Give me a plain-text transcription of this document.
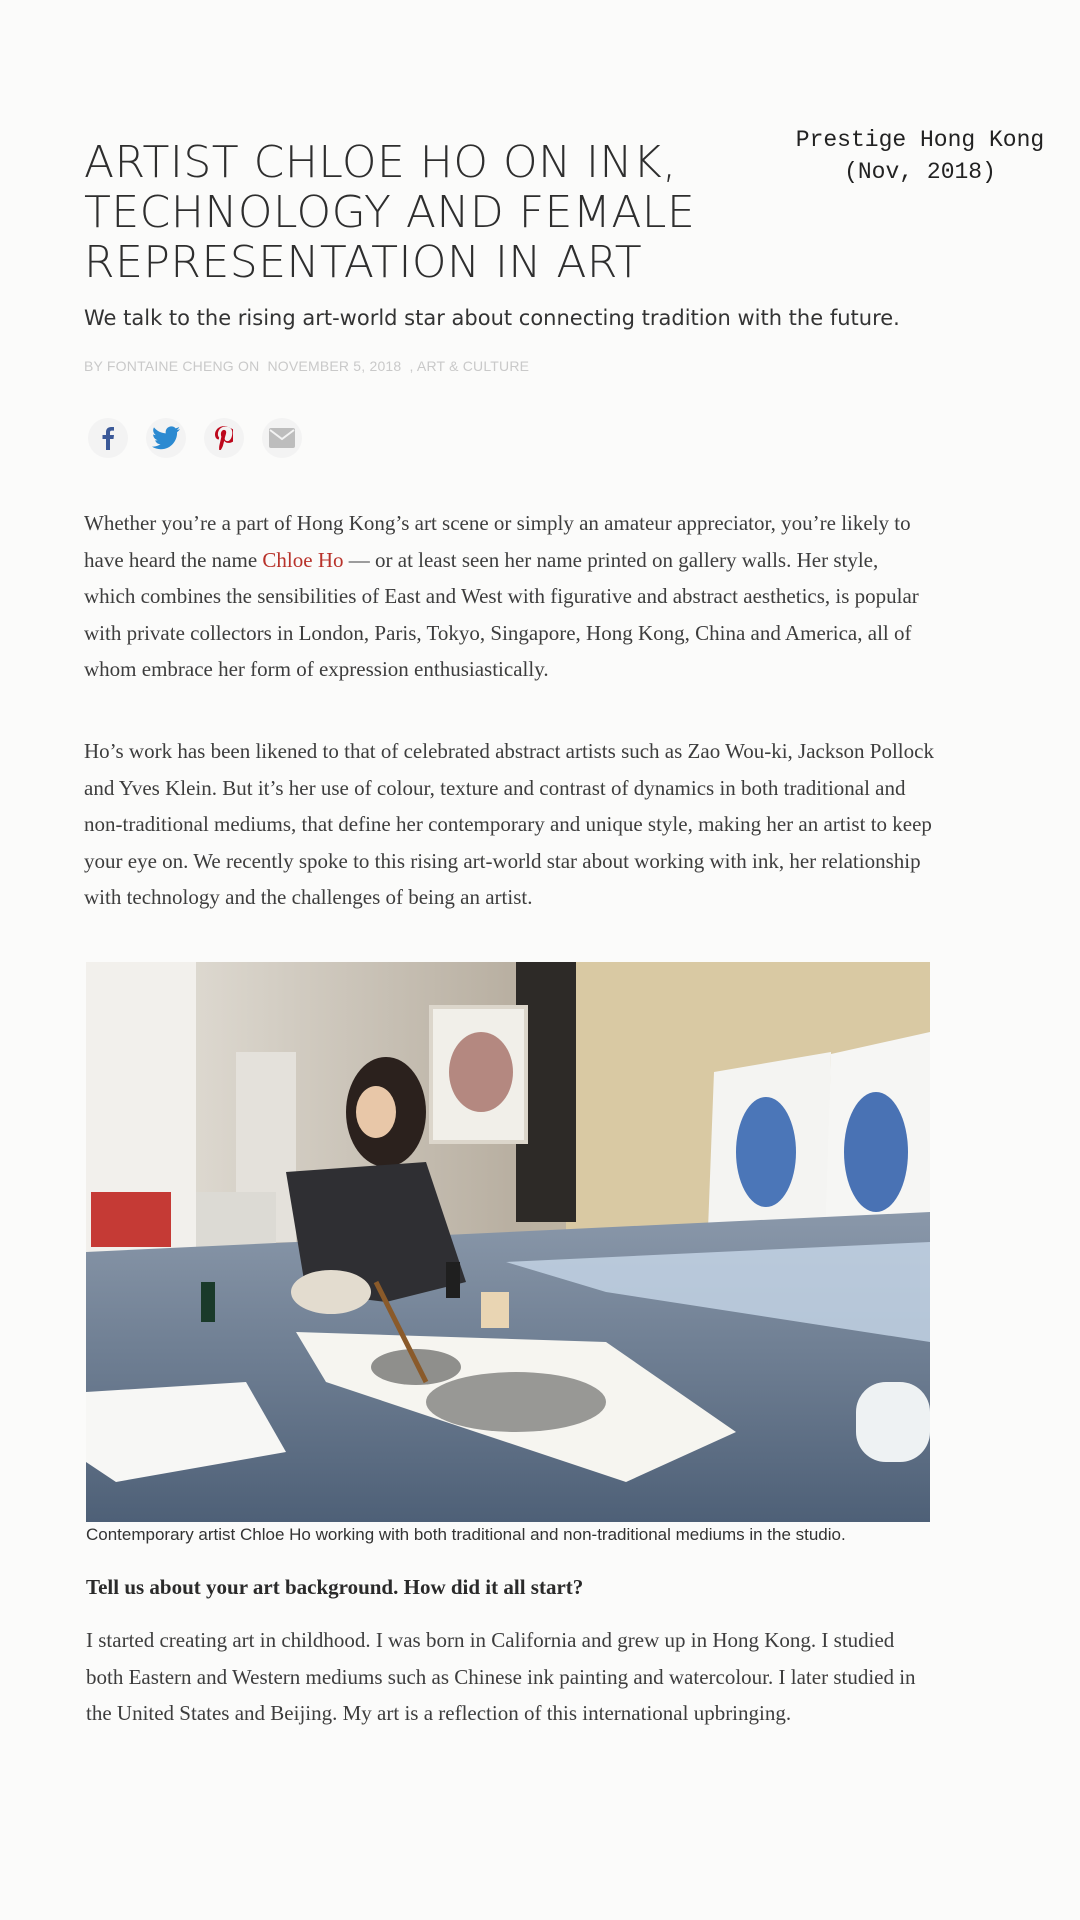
Prestige Hong Kong
(Nov, 2018)
ARTIST CHLOE HO ON INK, TECHNOLOGY AND FEMALE REPRESENTATION IN ART

We talk to the rising art-world star about connecting tradition with the future.

BY FONTAINE CHENG ON NOVEMBER 5, 2018 , ART & CULTURE

Whether you’re a part of Hong Kong’s art scene or simply an amateur appreciator, you’re likely to have heard the name Chloe Ho — or at least seen her name printed on gallery walls. Her style, which combines the sensibilities of East and West with figurative and abstract aesthetics, is popular with private collectors in London, Paris, Tokyo, Singapore, Hong Kong, China and America, all of whom embrace her form of expression enthusiastically.

Ho’s work has been likened to that of celebrated abstract artists such as Zao Wou-ki, Jackson Pollock and Yves Klein. But it’s her use of colour, texture and contrast of dynamics in both traditional and non-traditional mediums, that define her contemporary and unique style, making her an artist to keep your eye on. We recently spoke to this rising art-world star about working with ink, her relationship with technology and the challenges of being an artist.

Contemporary artist Chloe Ho working with both traditional and non-traditional mediums in the studio.

Tell us about your art background. How did it all start?

I started creating art in childhood. I was born in California and grew up in Hong Kong. I studied both Eastern and Western mediums such as Chinese ink painting and watercolour. I later studied in the United States and Beijing. My art is a reflection of this international upbringing.
